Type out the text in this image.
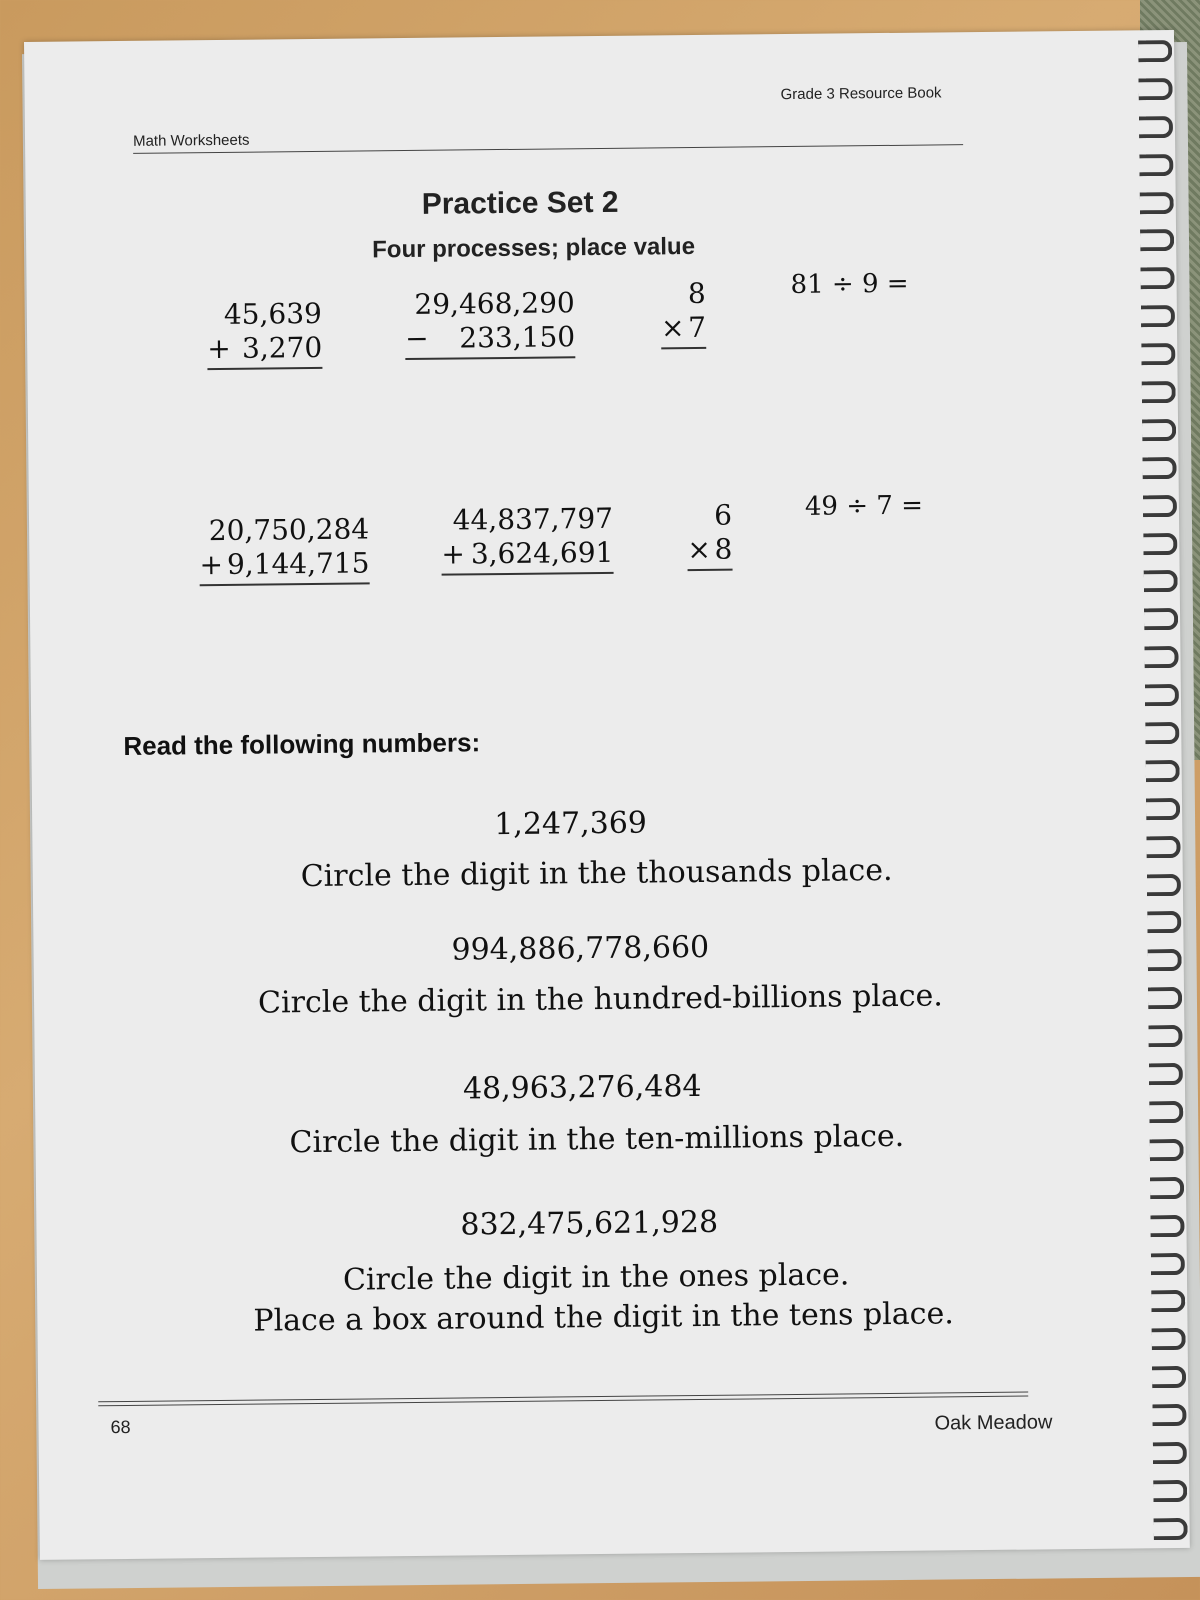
Math Worksheets
Grade 3 Resource Book
Practice Set 2
Four processes; place value
45,639
+ 3,270
29,468,290
− 233,150
8
× 7
81 ÷ 9 =
20,750,284
+ 9,144,715
44,837,797
+ 3,624,691
6
× 8
49 ÷ 7 =
Read the following numbers:
1,247,369
Circle the digit in the thousands place.
994,886,778,660
Circle the digit in the hundred-billions place.
48,963,276,484
Circle the digit in the ten-millions place.
832,475,621,928
Circle the digit in the ones place.
Place a box around the digit in the tens place.
68	Oak Meadow
